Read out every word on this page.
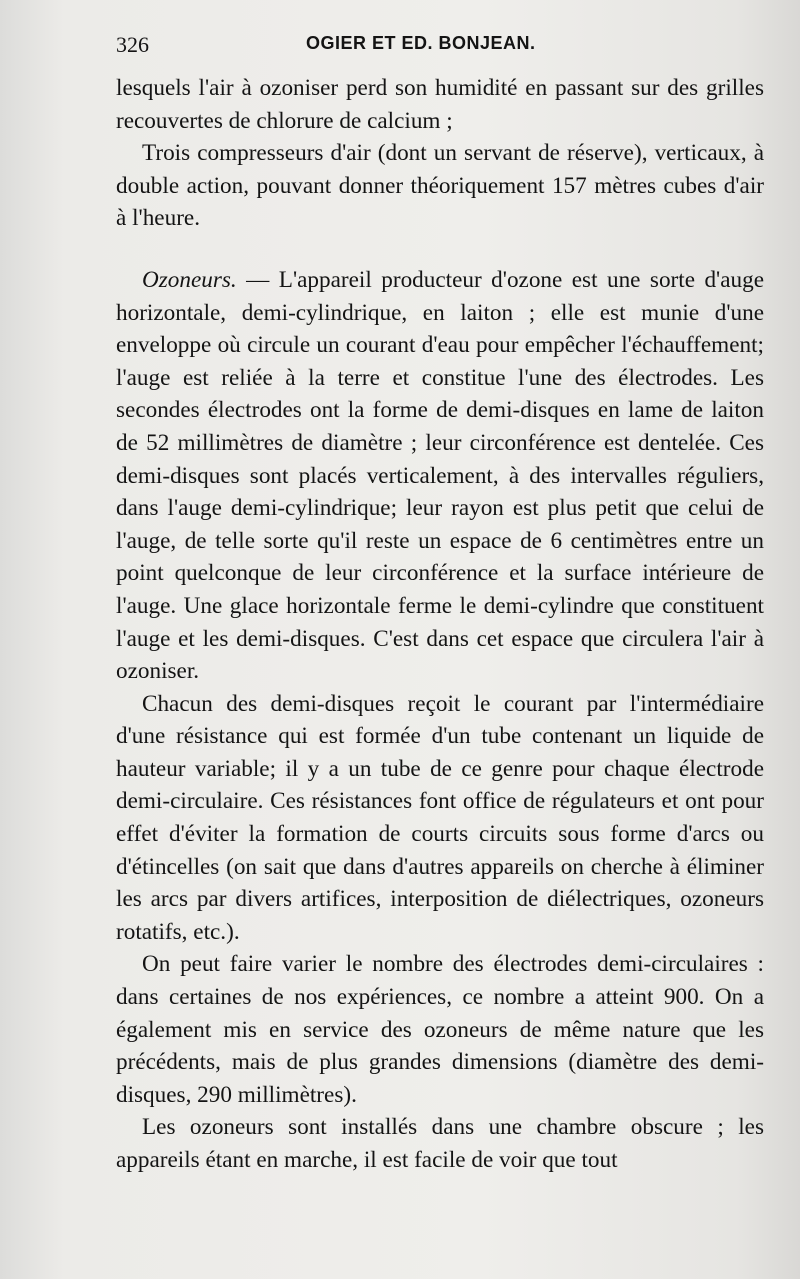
326	OGIER ET ED. BONJEAN.

lesquels l'air à ozoniser perd son humidité en passant sur des grilles recouvertes de chlorure de calcium ;

Trois compresseurs d'air (dont un servant de réserve), verticaux, à double action, pouvant donner théoriquement 157 mètres cubes d'air à l'heure.

Ozoneurs. — L'appareil producteur d'ozone est une sorte d'auge horizontale, demi-cylindrique, en laiton ; elle est munie d'une enveloppe où circule un courant d'eau pour empêcher l'échauffement; l'auge est reliée à la terre et constitue l'une des électrodes. Les secondes électrodes ont la forme de demi-disques en lame de laiton de 52 millimètres de diamètre ; leur circonférence est dentelée. Ces demi-disques sont placés verticalement, à des intervalles réguliers, dans l'auge demi-cylindrique; leur rayon est plus petit que celui de l'auge, de telle sorte qu'il reste un espace de 6 centimètres entre un point quelconque de leur circonférence et la surface intérieure de l'auge. Une glace horizontale ferme le demi-cylindre que constituent l'auge et les demi-disques. C'est dans cet espace que circulera l'air à ozoniser.

Chacun des demi-disques reçoit le courant par l'intermédiaire d'une résistance qui est formée d'un tube contenant un liquide de hauteur variable; il y a un tube de ce genre pour chaque électrode demi-circulaire. Ces résistances font office de régulateurs et ont pour effet d'éviter la formation de courts circuits sous forme d'arcs ou d'étincelles (on sait que dans d'autres appareils on cherche à éliminer les arcs par divers artifices, interposition de diélectriques, ozoneurs rotatifs, etc.).

On peut faire varier le nombre des électrodes demi-circulaires : dans certaines de nos expériences, ce nombre a atteint 900. On a également mis en service des ozoneurs de même nature que les précédents, mais de plus grandes dimensions (diamètre des demi-disques, 290 millimètres).

Les ozoneurs sont installés dans une chambre obscure ; les appareils étant en marche, il est facile de voir que tout
